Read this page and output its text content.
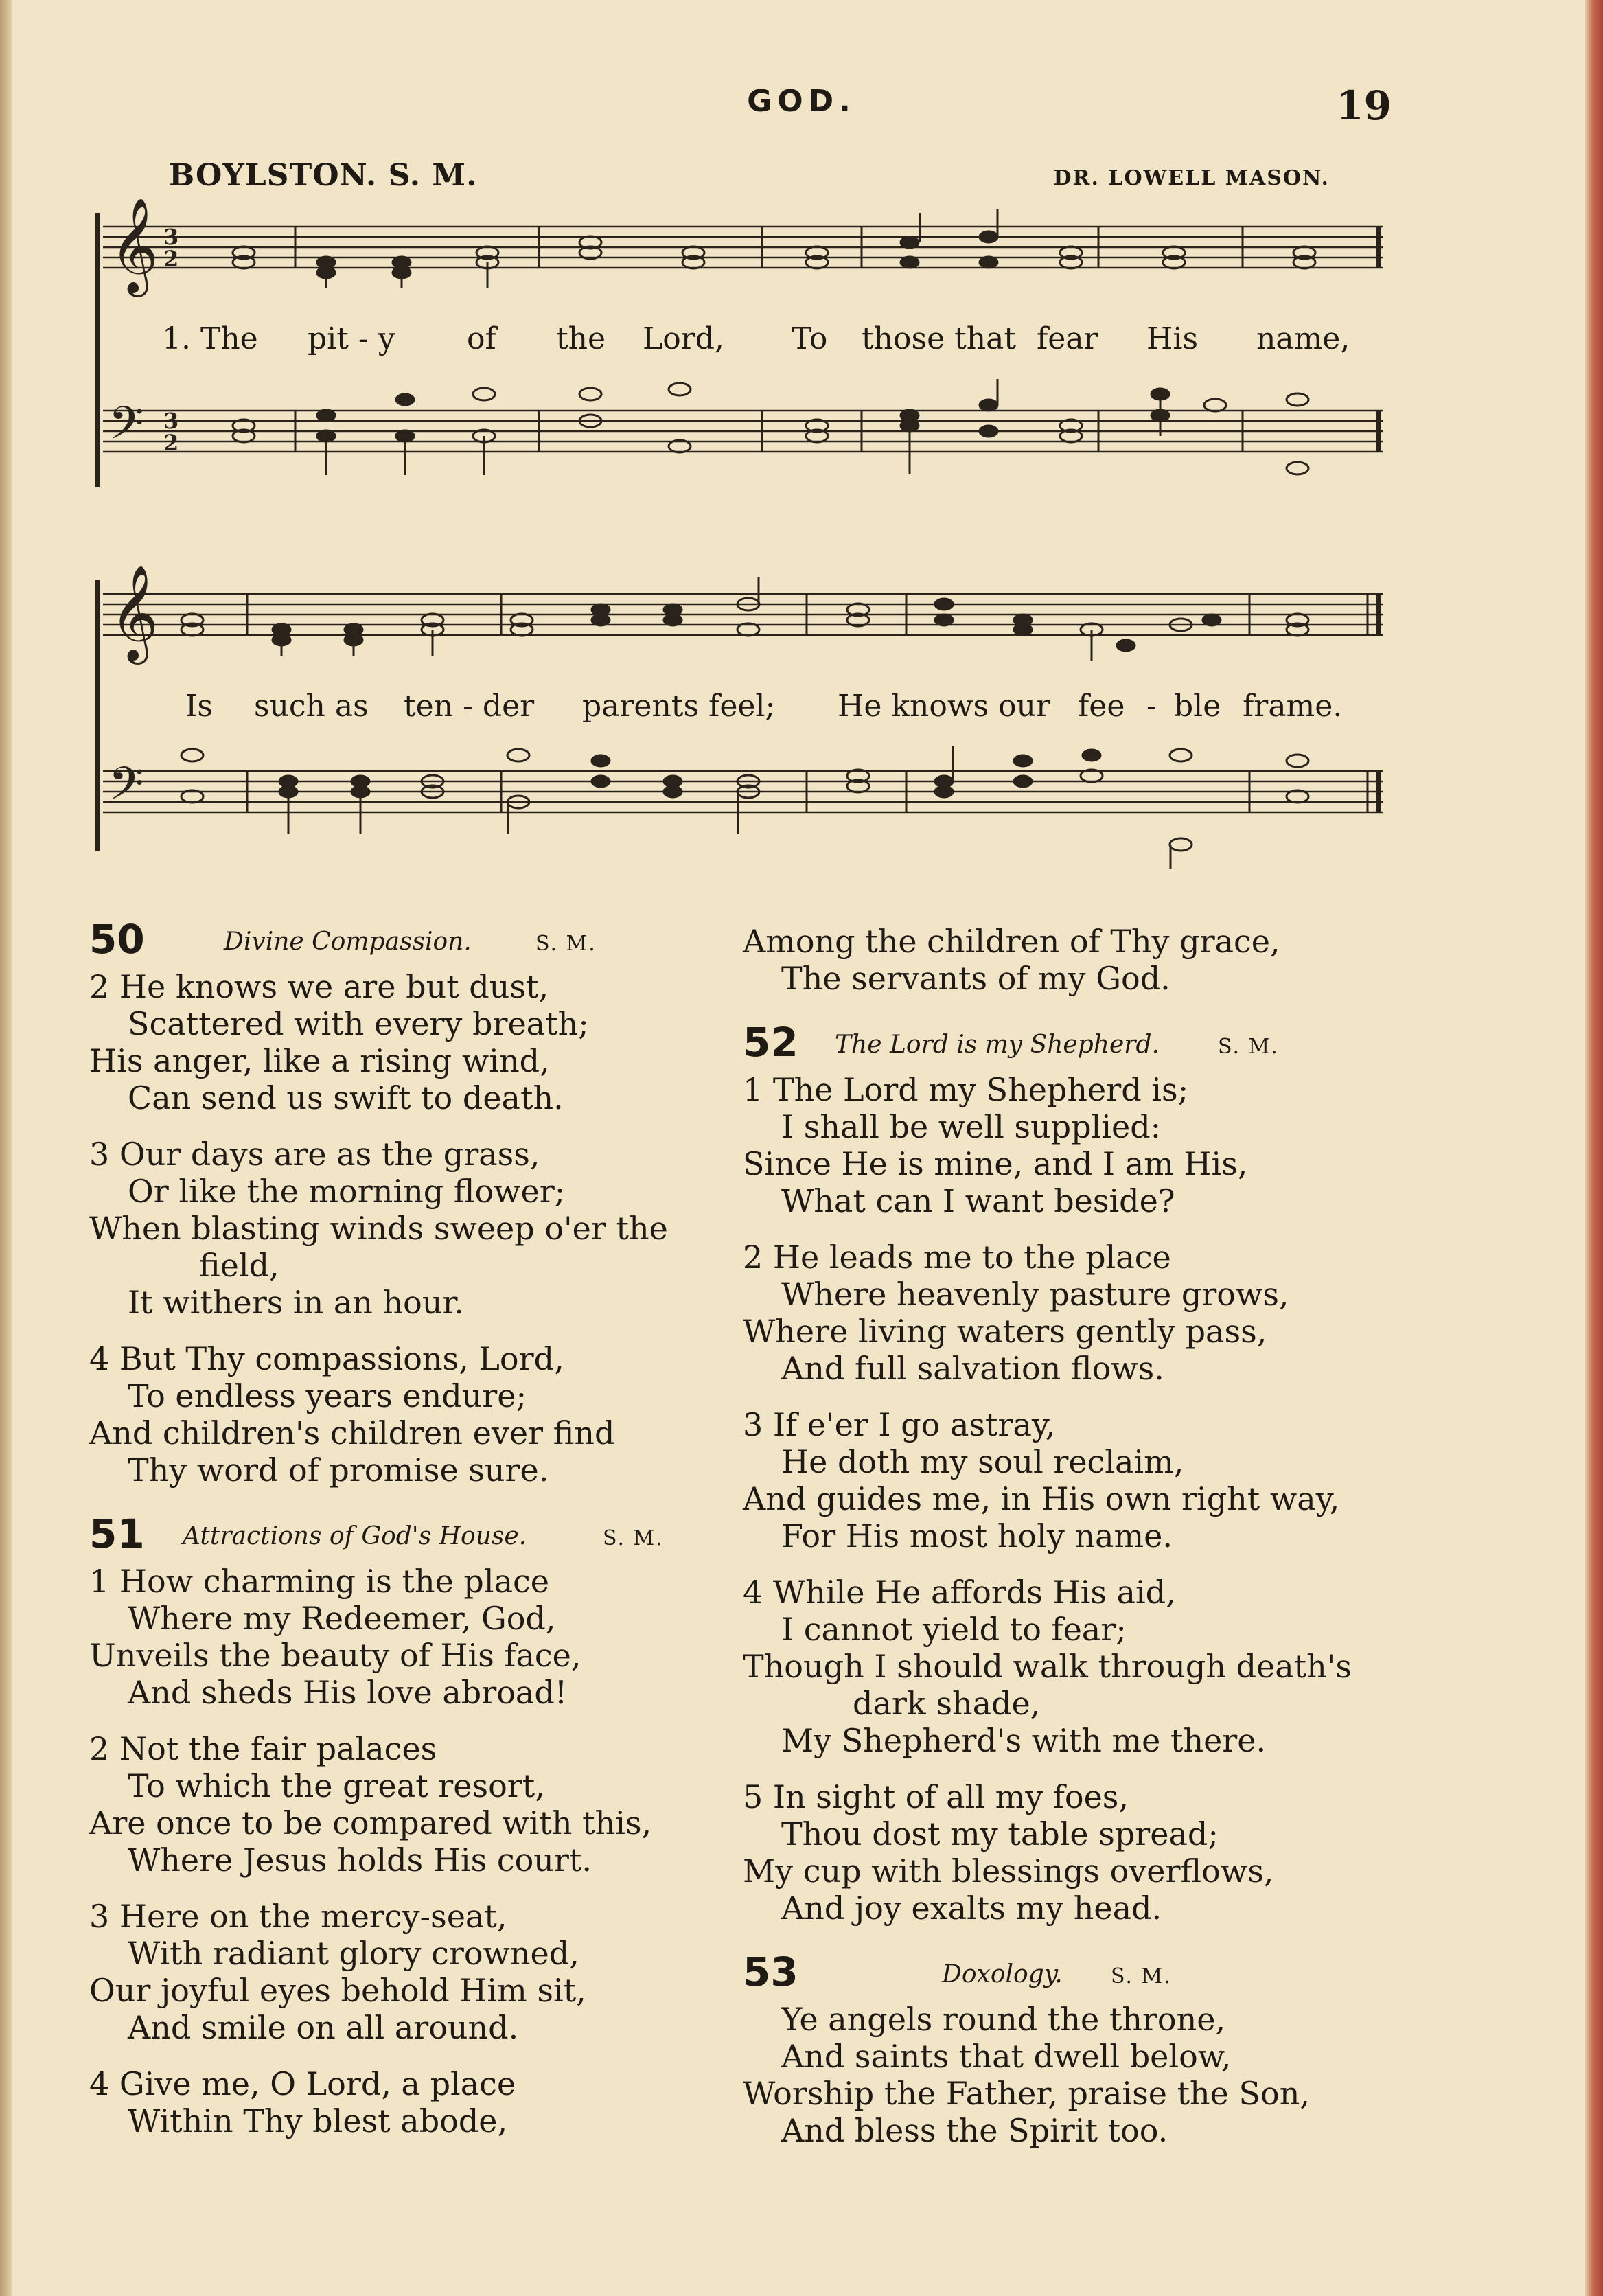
GOD.	19
BOYLSTON. S. M.	DR. LOWELL MASON.
𝄞
𝄢
3
2
3
2
1. The pit - y of the Lord, To those that fear His name,
𝄞
𝄢
Is such as ten - der parents feel; He knows our fee - ble frame.
50	Divine Compassion.	S. M.
2 He knows we are but dust,
Scattered with every breath;
His anger, like a rising wind,
Can send us swift to death.
3 Our days are as the grass,
Or like the morning flower;
When blasting winds sweep o'er the
field,
It withers in an hour.
4 But Thy compassions, Lord,
To endless years endure;
And children's children ever find
Thy word of promise sure.
51 Attractions of God's House.	S. M.
1 How charming is the place
Where my Redeemer, God,
Unveils the beauty of His face,
And sheds His love abroad!
2 Not the fair palaces
To which the great resort,
Are once to be compared with this,
Where Jesus holds His court.
3 Here on the mercy-seat,
With radiant glory crowned,
Our joyful eyes behold Him sit,
And smile on all around.
4 Give me, O Lord, a place
Within Thy blest abode,
Among the children of Thy grace,
The servants of my God.
52 The Lord is my Shepherd.	S. M.
1 The Lord my Shepherd is;
I shall be well supplied:
Since He is mine, and I am His,
What can I want beside?
2 He leads me to the place
Where heavenly pasture grows,
Where living waters gently pass,
And full salvation flows.
3 If e'er I go astray,
He doth my soul reclaim,
And guides me, in His own right way,
For His most holy name.
4 While He affords His aid,
I cannot yield to fear;
Though I should walk through death's
dark shade,
My Shepherd's with me there.
5 In sight of all my foes,
Thou dost my table spread;
My cup with blessings overflows,
And joy exalts my head.
53	Doxology. S. M.
Ye angels round the throne,
And saints that dwell below,
Worship the Father, praise the Son,
And bless the Spirit too.
